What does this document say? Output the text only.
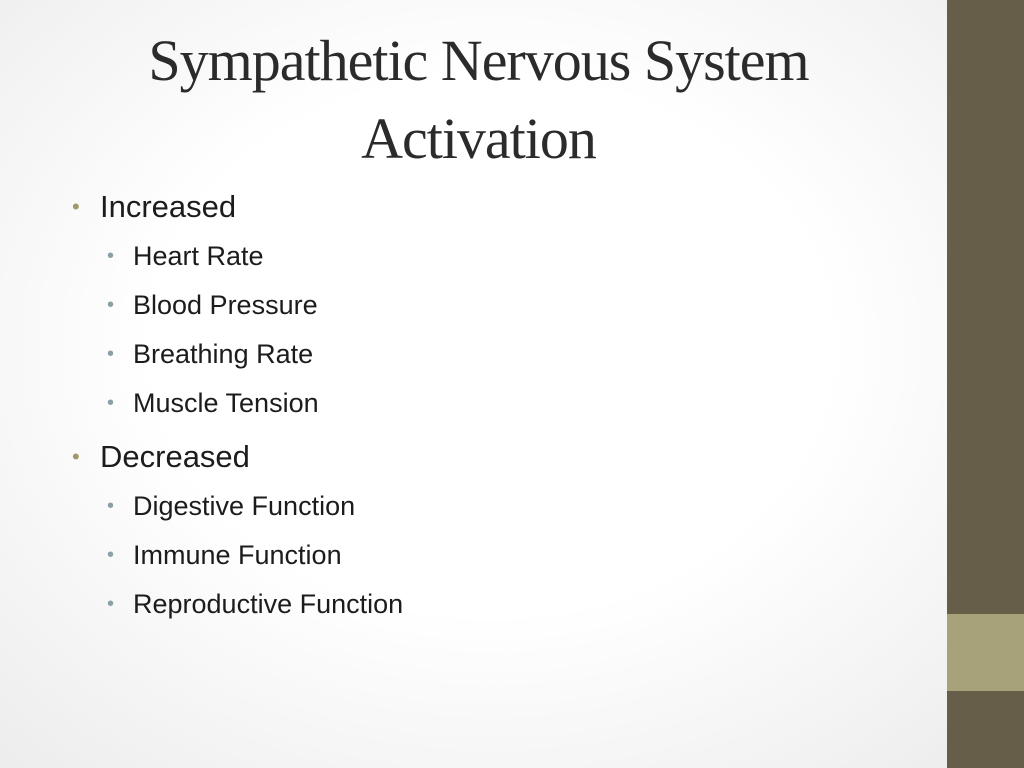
Sympathetic Nervous System
Activation
• Increased
• Heart Rate
• Blood Pressure
• Breathing Rate
• Muscle Tension
• Decreased
• Digestive Function
• Immune Function
• Reproductive Function
